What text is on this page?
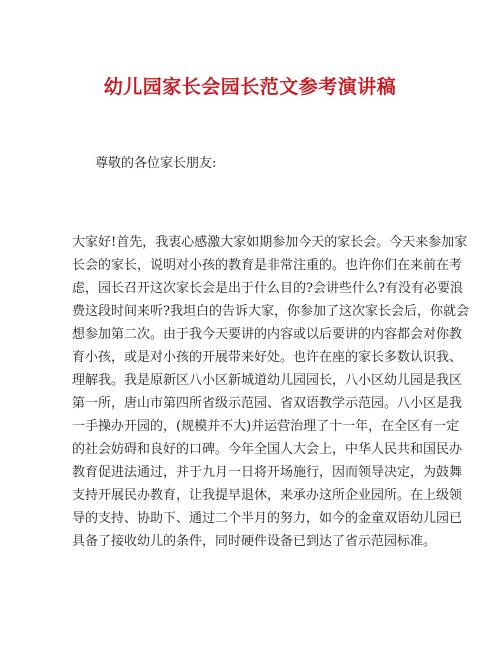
幼儿园家长会园长范文参考演讲稿
尊敬的各位家长朋友:
大家好!首先，我衷心感激大家如期参加今天的家长会。今天来参加家
长会的家长，说明对小孩的教育是非常注重的。也许你们在来前在考
虑，园长召开这次家长会是出于什么目的?会讲些什么?有没有必要浪
费这段时间来听?我坦白的告诉大家，你参加了这次家长会后，你就会
想参加第二次。由于我今天要讲的内容或以后要讲的内容都会对你教
育小孩，或是对小孩的开展带来好处。也许在座的家长多数认识我、
理解我。我是原新区八小区新城道幼儿园园长，八小区幼儿园是我区
第一所，唐山市第四所省级示范园、省双语教学示范园。八小区是我
一手操办开园的，(规模并不大)并运营治理了十一年，在全区有一定
的社会妨碍和良好的口碑。今年全国人大会上，中华人民共和国民办
教育促进法通过，并于九月一日将开场施行，因而领导决定，为鼓舞
支持开展民办教育，让我提早退休，来承办这所企业园所。在上级领
导的支持、协助下、通过二个半月的努力，如今的金童双语幼儿园已
具备了接收幼儿的条件，同时硬件设备已到达了省示范园标准。
